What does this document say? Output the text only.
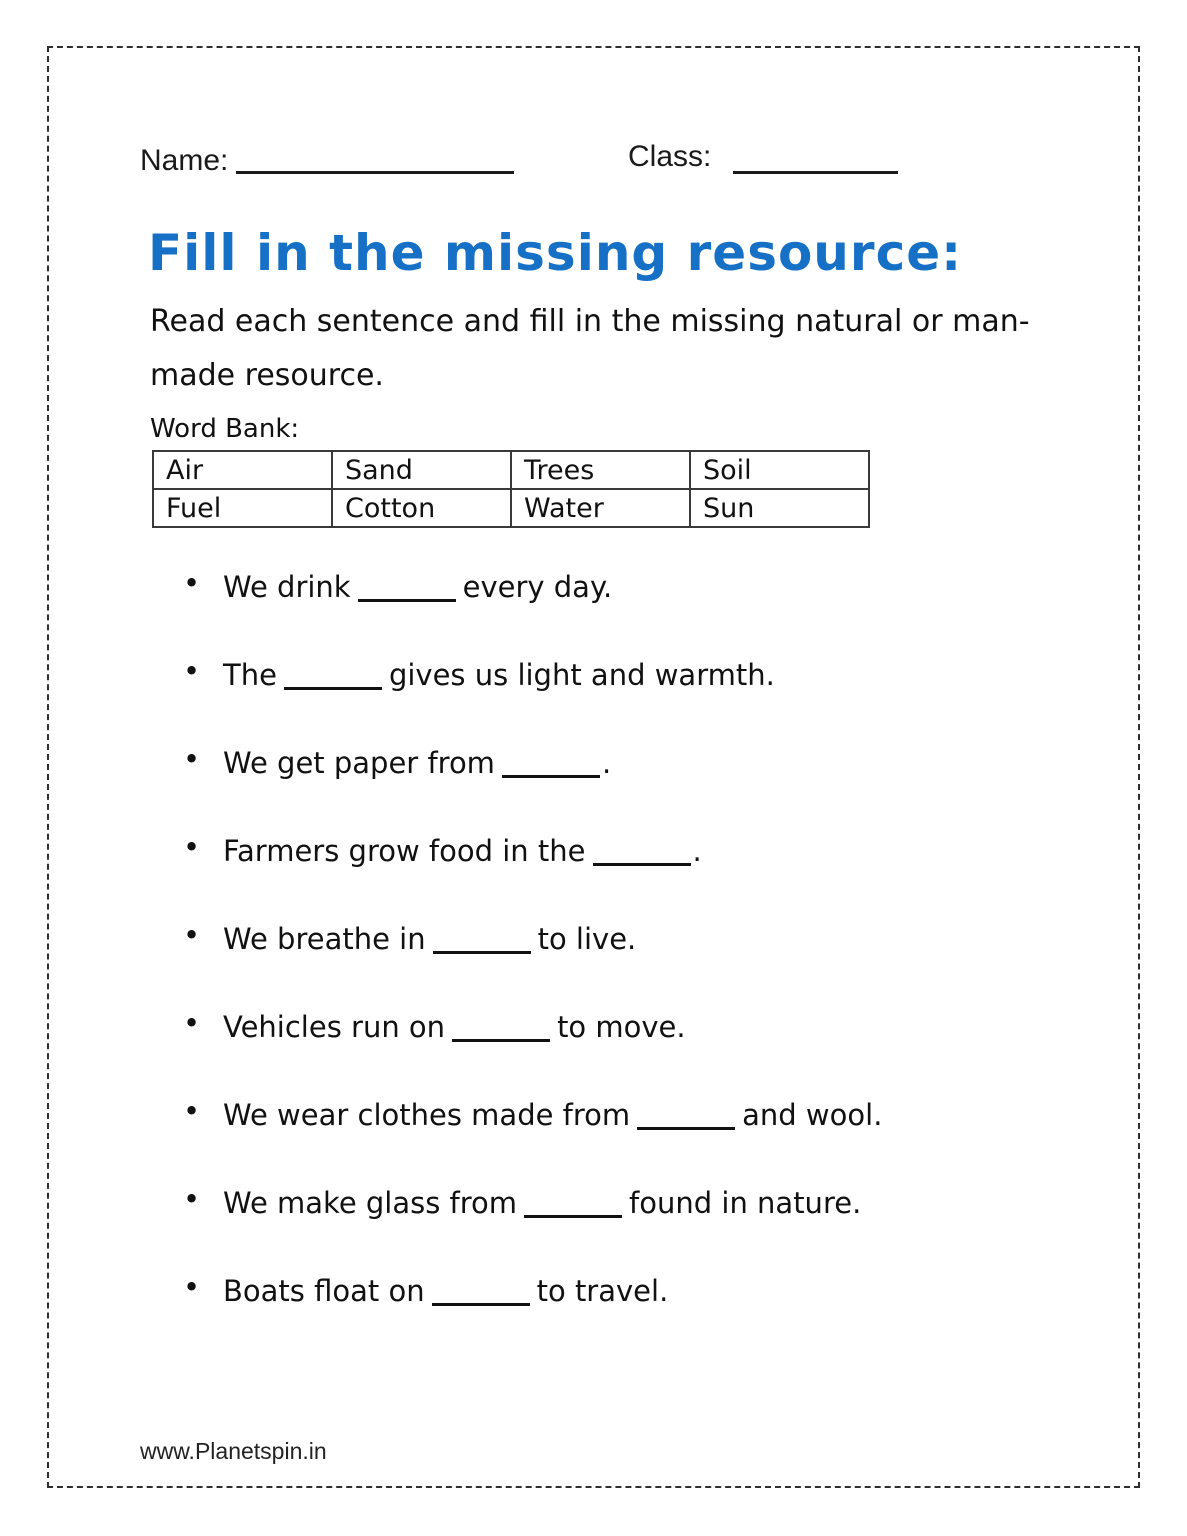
Name:	Class:
Fill in the missing resource:
Read each sentence and fill in the missing natural or man-
made resource.
Word Bank:
Air	Sand	Trees	Soil
Fuel	Cotton	Water	Sun
• We drink	every day.
• The	gives us light and warmth.
• We get paper from	.
• Farmers grow food in the	.
• We breathe in	to live.
• Vehicles run on	to move.
• We wear clothes made from	and wool.
• We make glass from	found in nature.
• Boats float on	to travel.
www.Planetspin.in
